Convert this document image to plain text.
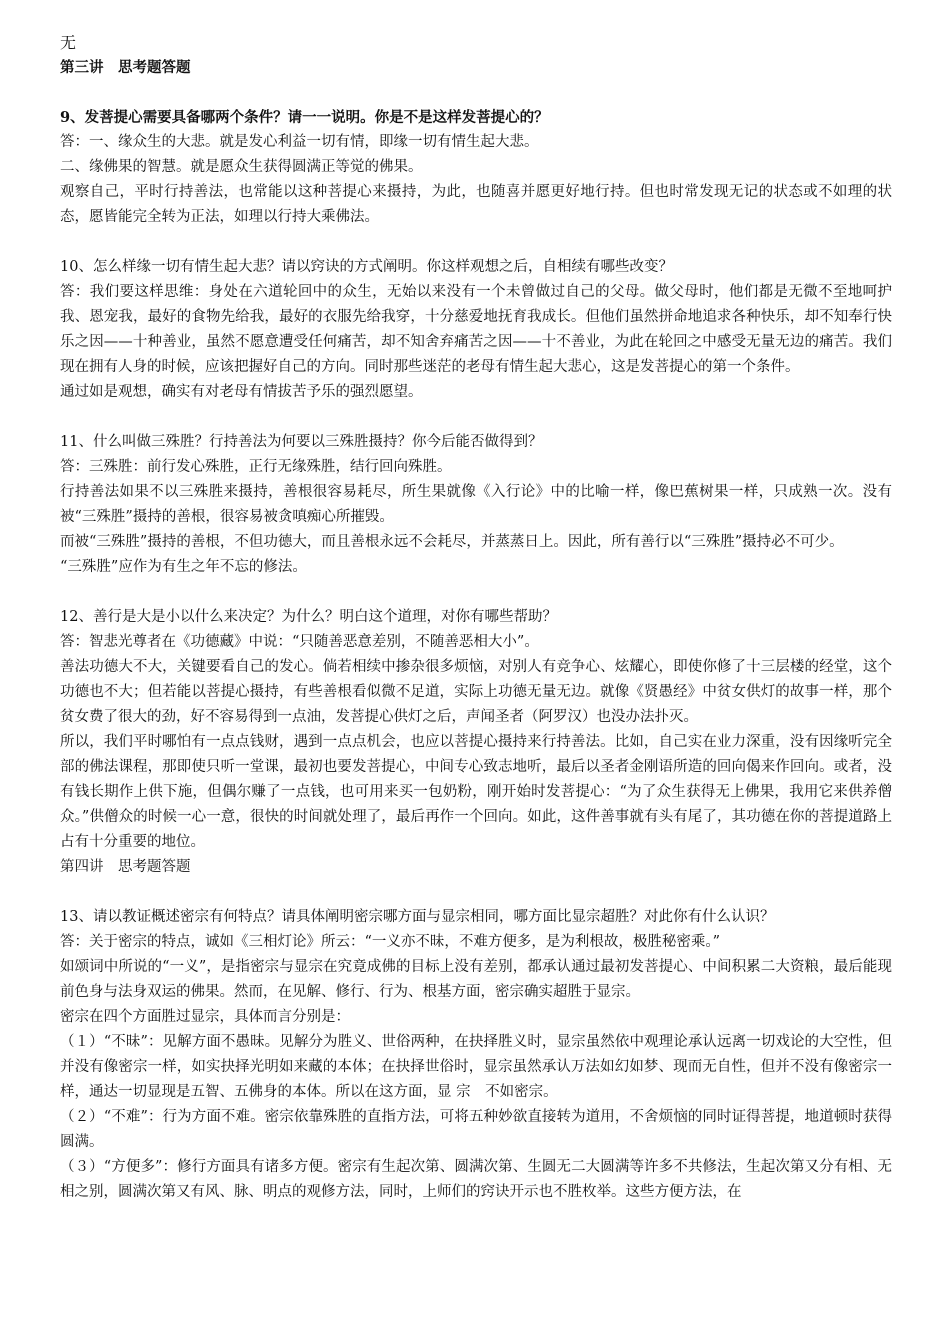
无

第三讲　思考题答题

9、发菩提心需要具备哪两个条件？请一一说明。你是不是这样发菩提心的？

答：一、缘众生的大悲。就是发心利益一切有情，即缘一切有情生起大悲。

二、缘佛果的智慧。就是愿众生获得圆满正等觉的佛果。

观察自己，平时行持善法，也常能以这种菩提心来摄持，为此，也随喜并愿更好地行持。但也时常发现无记的状态或不如理的状态，愿皆能完全转为正法，如理以行持大乘佛法。

10、怎么样缘一切有情生起大悲？请以窍诀的方式阐明。你这样观想之后，自相续有哪些改变？

答：我们要这样思维：身处在六道轮回中的众生，无始以来没有一个未曾做过自己的父母。做父母时，他们都是无微不至地呵护我、恩宠我，最好的食物先给我，最好的衣服先给我穿，十分慈爱地抚育我成长。但他们虽然拼命地追求各种快乐，却不知奉行快乐之因——十种善业，虽然不愿意遭受任何痛苦，却不知舍弃痛苦之因——十不善业，为此在轮回之中感受无量无边的痛苦。我们现在拥有人身的时候，应该把握好自己的方向。同时那些迷茫的老母有情生起大悲心，这是发菩提心的第一个条件。

通过如是观想，确实有对老母有情拔苦予乐的强烈愿望。

11、什么叫做三殊胜？行持善法为何要以三殊胜摄持？你今后能否做得到？

答：三殊胜：前行发心殊胜，正行无缘殊胜，结行回向殊胜。

行持善法如果不以三殊胜来摄持，善根很容易耗尽，所生果就像《入行论》中的比喻一样，像巴蕉树果一样，只成熟一次。没有被“三殊胜”摄持的善根，很容易被贪嗔痴心所摧毁。

而被“三殊胜”摄持的善根，不但功德大，而且善根永远不会耗尽，并蒸蒸日上。因此，所有善行以“三殊胜”摄持必不可少。

“三殊胜”应作为有生之年不忘的修法。

12、善行是大是小以什么来决定？为什么？明白这个道理，对你有哪些帮助？

答：智悲光尊者在《功德藏》中说：“只随善恶意差别，不随善恶相大小”。

善法功德大不大，关键要看自己的发心。倘若相续中掺杂很多烦恼，对别人有竞争心、炫耀心，即使你修了十三层楼的经堂，这个功德也不大；但若能以菩提心摄持，有些善根看似微不足道，实际上功德无量无边。就像《贤愚经》中贫女供灯的故事一样，那个贫女费了很大的劲，好不容易得到一点油，发菩提心供灯之后，声闻圣者（阿罗汉）也没办法扑灭。

所以，我们平时哪怕有一点点钱财，遇到一点点机会，也应以菩提心摄持来行持善法。比如，自己实在业力深重，没有因缘听完全部的佛法课程，那即使只听一堂课，最初也要发菩提心，中间专心致志地听，最后以圣者金刚语所造的回向偈来作回向。或者，没有钱长期作上供下施，但偶尔赚了一点钱，也可用来买一包奶粉，刚开始时发菩提心：“为了众生获得无上佛果，我用它来供养僧众。”供僧众的时候一心一意，很快的时间就处理了，最后再作一个回向。如此，这件善事就有头有尾了，其功德在你的菩提道路上占有十分重要的地位。

第四讲　思考题答题

13、请以教证概述密宗有何特点？请具体阐明密宗哪方面与显宗相同，哪方面比显宗超胜？对此你有什么认识？

答：关于密宗的特点，诚如《三相灯论》所云：“一义亦不昧，不难方便多，是为利根故，极胜秘密乘。”

如颂词中所说的“一义”，是指密宗与显宗在究竟成佛的目标上没有差别，都承认通过最初发菩提心、中间积累二大资粮，最后能现前色身与法身双运的佛果。然而，在见解、修行、行为、根基方面，密宗确实超胜于显宗。

密宗在四个方面胜过显宗，具体而言分别是：

（１）“不昧”：见解方面不愚昧。见解分为胜义、世俗两种，在抉择胜义时，显宗虽然依中观理论承认远离一切戏论的大空性，但并没有像密宗一样，如实抉择光明如来藏的本体；在抉择世俗时，显宗虽然承认万法如幻如梦、现而无自性，但并不没有像密宗一样，通达一切显现是五智、五佛身的本体。所以在这方面，显 宗　不如密宗。

（２）“不难”：行为方面不难。密宗依靠殊胜的直指方法，可将五种妙欲直接转为道用，不舍烦恼的同时证得菩提，地道顿时获得圆满。

（３）“方便多”：修行方面具有诸多方便。密宗有生起次第、圆满次第、生圆无二大圆满等许多不共修法，生起次第又分有相、无相之别，圆满次第又有风、脉、明点的观修方法，同时，上师们的窍诀开示也不胜枚举。这些方便方法，在
